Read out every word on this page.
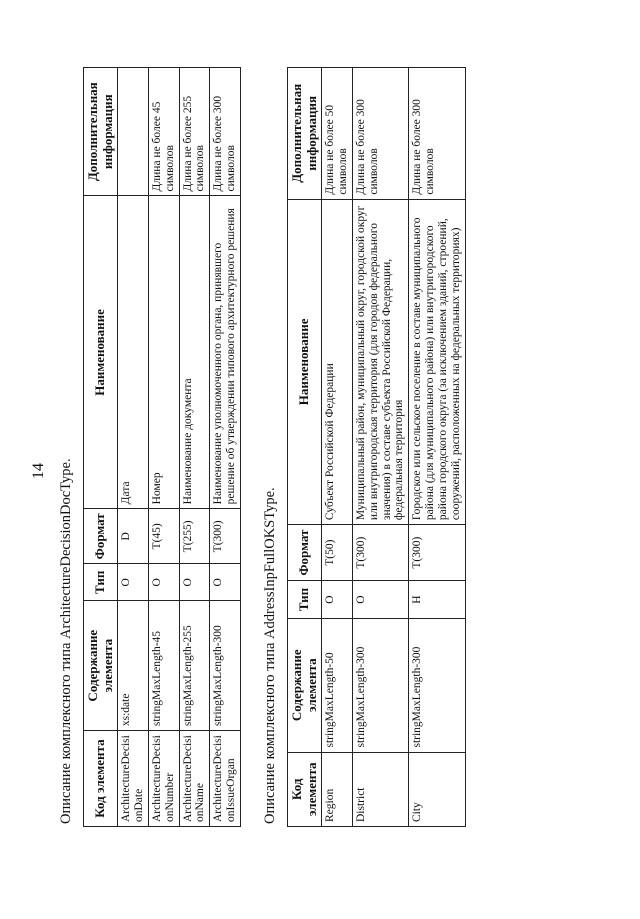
14 Описание комплексного типа ArchitectureDecisionDocType. Код элемента	Содержание элемента	Тип	Формат	Наименование	Дополнительная информация
ArchitectureDecisi onDate	xs:date	O	D	Дата	
ArchitectureDecisi onNumber	stringMaxLength-45	O	T(45)	Номер	Длина не более 45 символов
ArchitectureDecisi onName	stringMaxLength-255	O	T(255)	Наименование документа	Длина не более 255 символов
ArchitectureDecisi onIssueOrgan	stringMaxLength-300	O	T(300)	Наименование уполномоченного органа, принявшего решение об утверждении типового архитектурного решения	Длина не более 300 символов
Описание комплексного типа AddressInpFullOKSType. Код элемента	Содержание элемента	Тип	Формат	Наименование	Дополнительная информация
Region	stringMaxLength-50	O	T(50)	Субъект Российской Федерации	Длина не более 50 символов
District	stringMaxLength-300	O	T(300)	Муниципальный район, муниципальный округ, городской округ или внутригородская территория (для городов федерального значения) в составе субъекта Российской Федерации, федеральная территория	Длина не более 300 символов
City	stringMaxLength-300	H	T(300)	Городское или сельское поселение в составе муниципального района (для муниципального района) или внутригородского района городского округа (за исключением зданий, строений, сооружений, расположенных на федеральных территориях)	Длина не более 300 символов
